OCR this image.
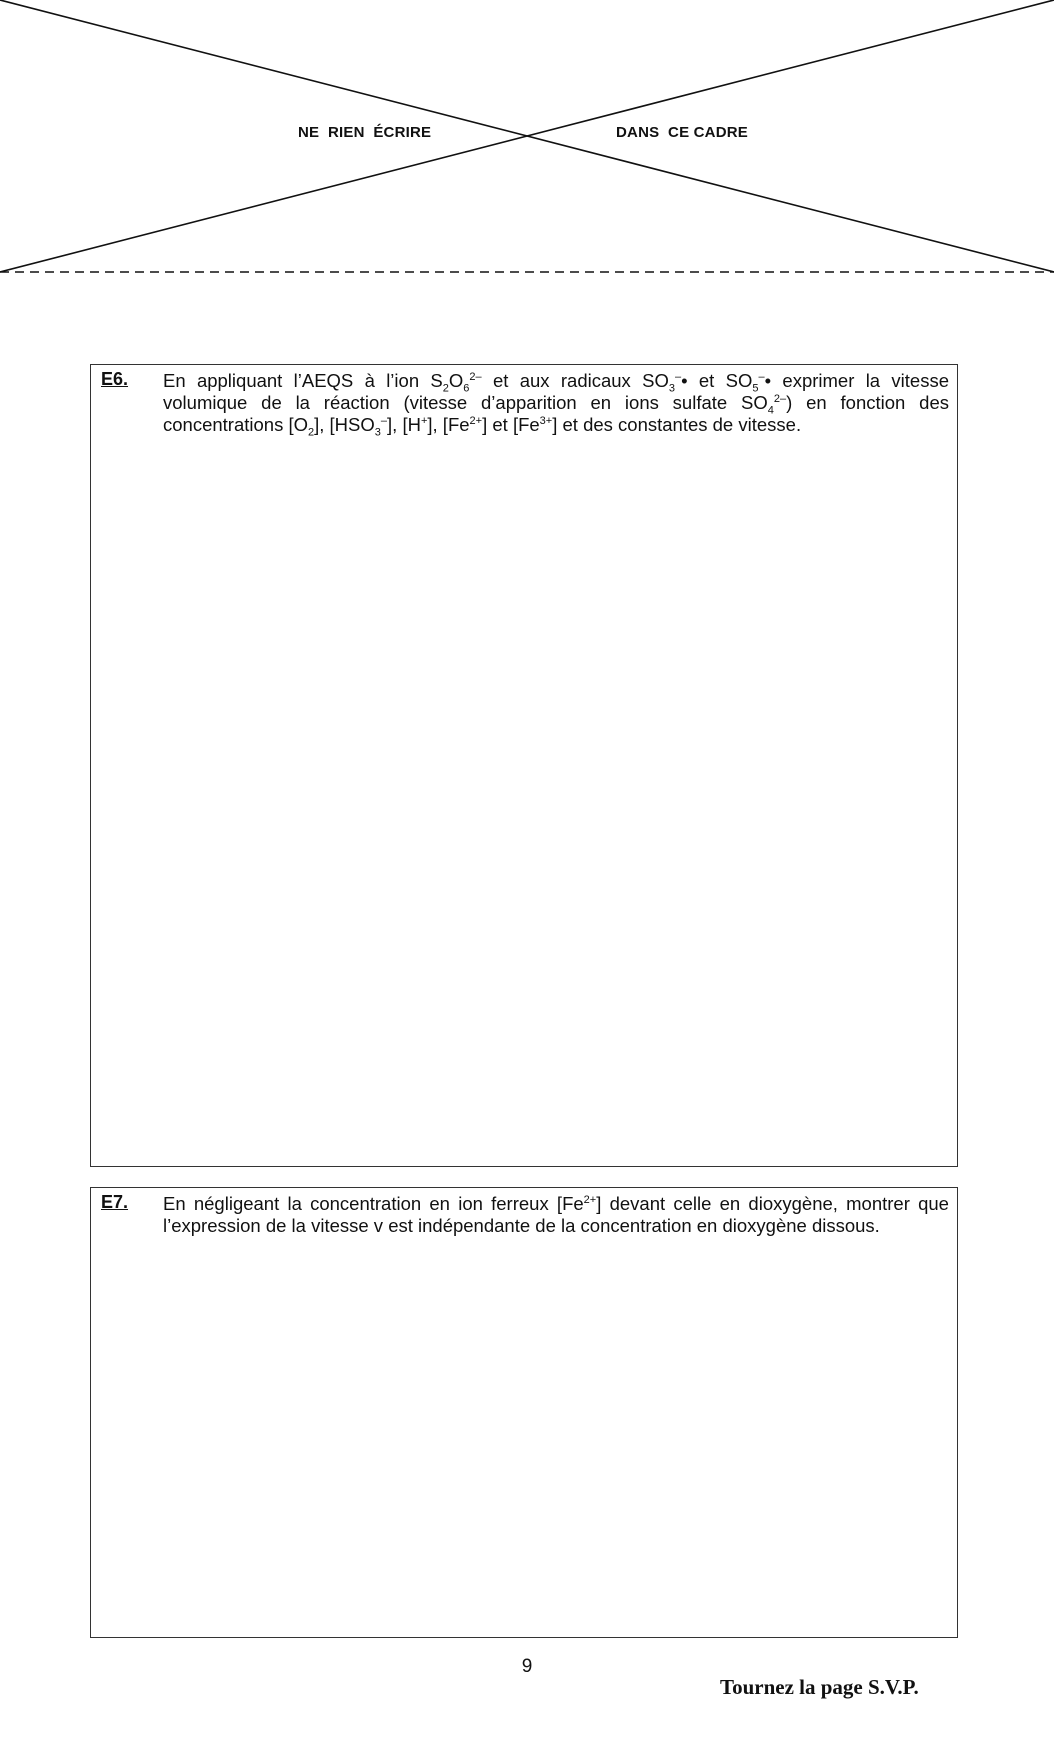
NE  RIEN  ÉCRIRE	DANS  CE CADRE
E6. En appliquant l’AEQS à l’ion $S_2O_6^{2-}$ et aux radicaux $SO_3^-•$ et $SO_5^-•$ exprimer la vitesse volumique de la réaction (vitesse d’apparition en ions sulfate $SO_4^{2-}$) en fonction des concentrations $[O_2]$, $[HSO_3^-]$, [H+], $[Fe^{2+}]$ et $[Fe^{3+}]$ et des constantes de vitesse.
E7. En négligeant la concentration en ion ferreux $[Fe^{2+}]$ devant celle en dioxygène, montrer que l’expression de la vitesse v est indépendante de la concentration en dioxygène dissous.
9
Tournez la page S.V.P.
